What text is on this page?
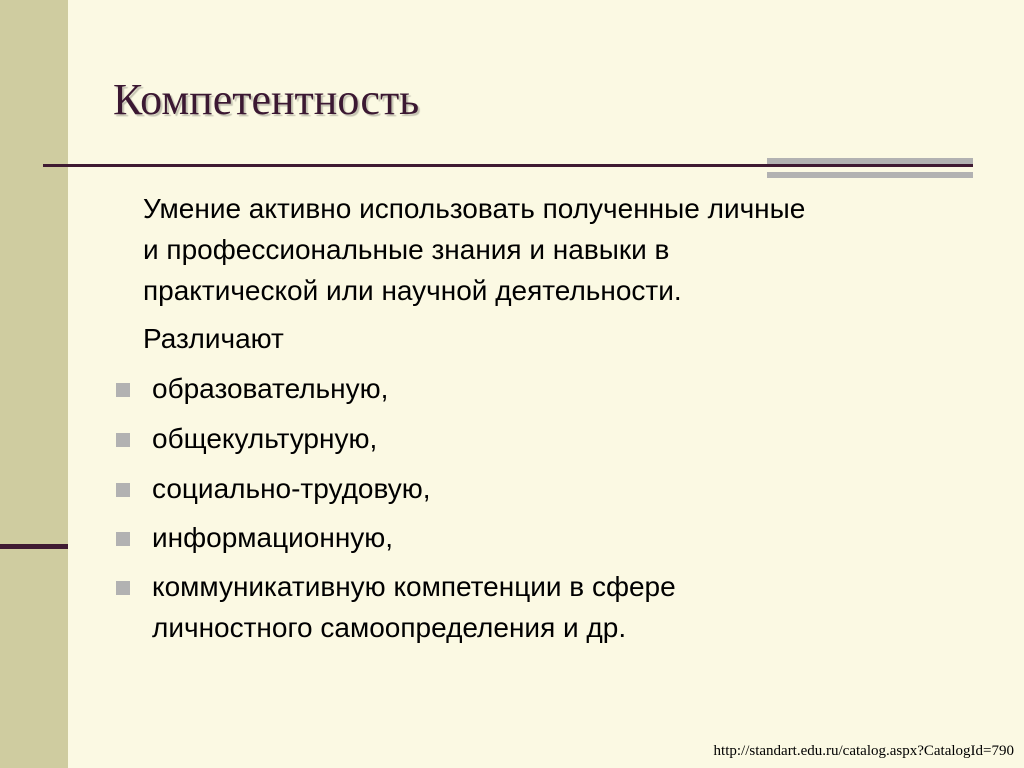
Компетентность
Умение активно использовать полученные личные
и профессиональные знания и навыки в
практической или научной деятельности.
Различают
образовательную,
общекультурную,
социально-трудовую,
информационную,
коммуникативную компетенции в сфере
личностного самоопределения и др.
http://standart.edu.ru/catalog.aspx?CatalogId=790
